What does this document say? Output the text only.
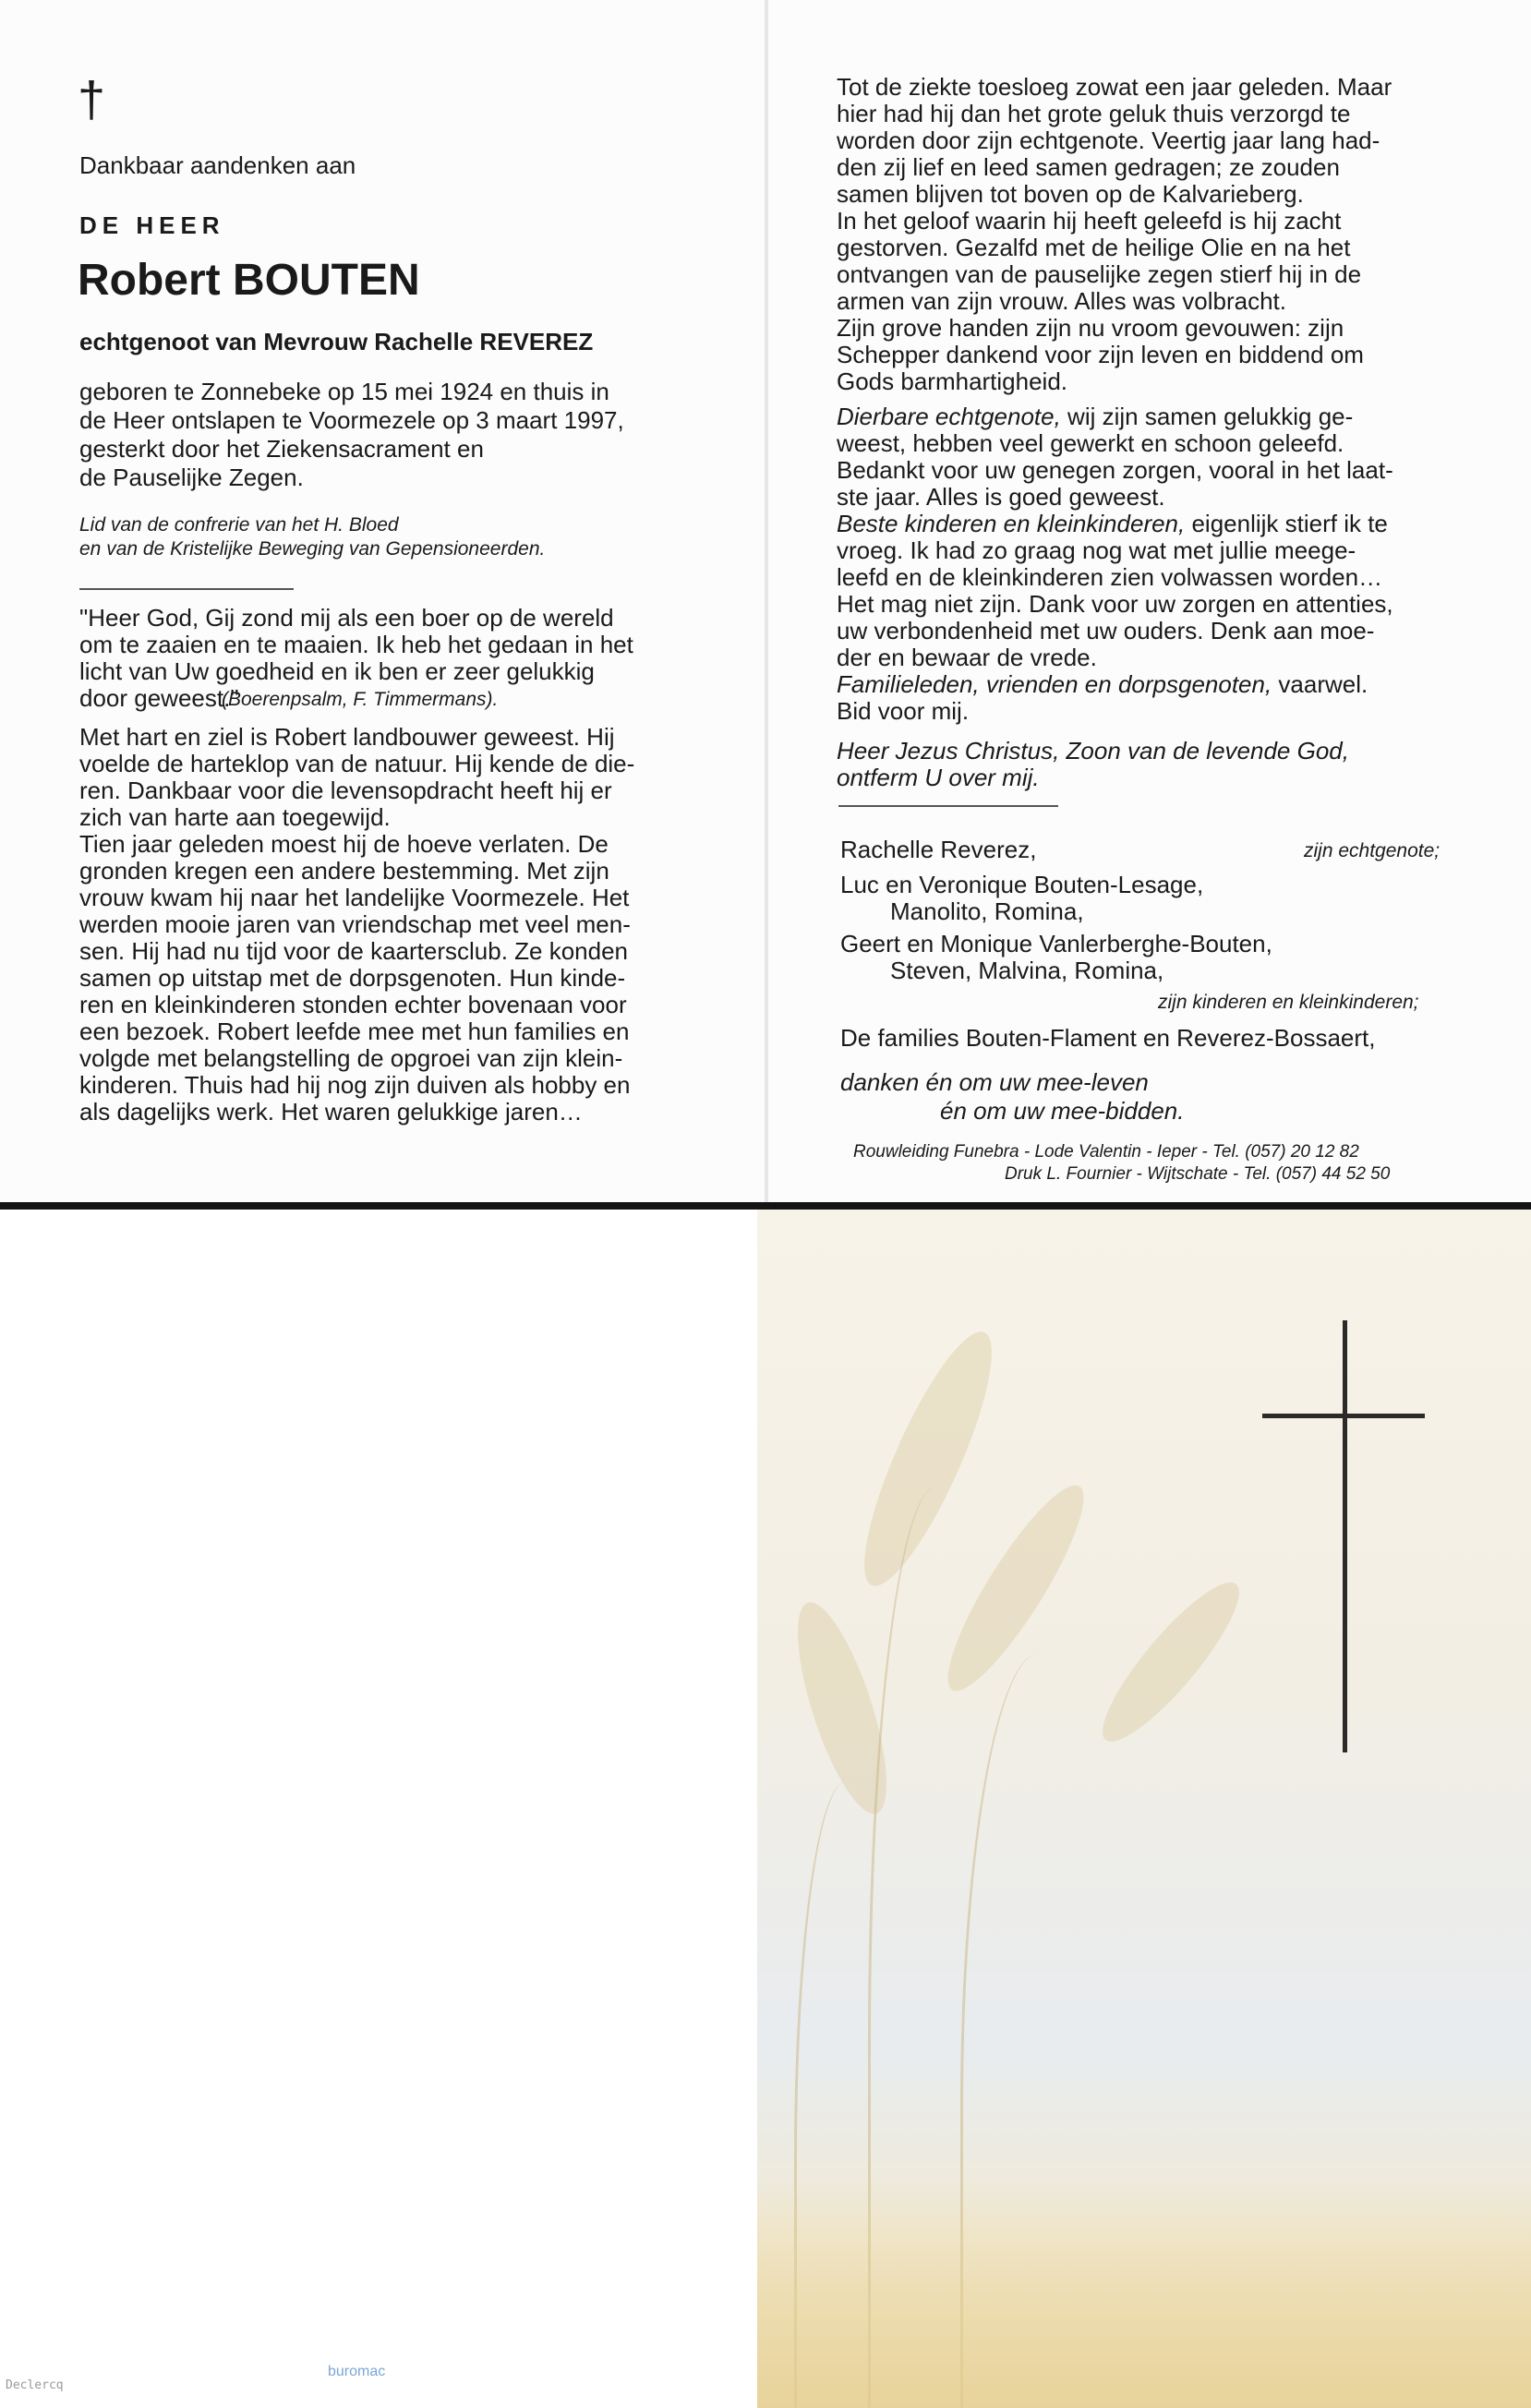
†
Dankbaar aandenken aan
DE HEER
Robert BOUTEN
echtgenoot van Mevrouw Rachelle REVEREZ
geboren te Zonnebeke op 15 mei 1924 en thuis in
de Heer ontslapen te Voormezele op 3 maart 1997,
gesterkt door het Ziekensacrament en
de Pauselijke Zegen.
Lid van de confrerie van het H. Bloed
en van de Kristelijke Beweging van Gepensioneerden.
"Heer God, Gij zond mij als een boer op de wereld
om te zaaien en te maaien. Ik heb het gedaan in het
licht van Uw goedheid en ik ben er zeer gelukkig
door geweest."
(Boerenpsalm, F. Timmermans).
Met hart en ziel is Robert landbouwer geweest. Hij
voelde de harteklop van de natuur. Hij kende de die-
ren. Dankbaar voor die levensopdracht heeft hij er
zich van harte aan toegewijd.
Tien jaar geleden moest hij de hoeve verlaten. De
gronden kregen een andere bestemming. Met zijn
vrouw kwam hij naar het landelijke Voormezele. Het
werden mooie jaren van vriendschap met veel men-
sen. Hij had nu tijd voor de kaartersclub. Ze konden
samen op uitstap met de dorpsgenoten. Hun kinde-
ren en kleinkinderen stonden echter bovenaan voor
een bezoek. Robert leefde mee met hun families en
volgde met belangstelling de opgroei van zijn klein-
kinderen. Thuis had hij nog zijn duiven als hobby en
als dagelijks werk. Het waren gelukkige jaren…
Tot de ziekte toesloeg zowat een jaar geleden. Maar
hier had hij dan het grote geluk thuis verzorgd te
worden door zijn echtgenote. Veertig jaar lang had-
den zij lief en leed samen gedragen; ze zouden
samen blijven tot boven op de Kalvarieberg.
In het geloof waarin hij heeft geleefd is hij zacht
gestorven. Gezalfd met de heilige Olie en na het
ontvangen van de pauselijke zegen stierf hij in de
armen van zijn vrouw. Alles was volbracht.
Zijn grove handen zijn nu vroom gevouwen: zijn
Schepper dankend voor zijn leven en biddend om
Gods barmhartigheid.
Dierbare echtgenote, wij zijn samen gelukkig ge-
weest, hebben veel gewerkt en schoon geleefd.
Bedankt voor uw genegen zorgen, vooral in het laat-
ste jaar. Alles is goed geweest.
Beste kinderen en kleinkinderen, eigenlijk stierf ik te
vroeg. Ik had zo graag nog wat met jullie meege-
leefd en de kleinkinderen zien volwassen worden…
Het mag niet zijn. Dank voor uw zorgen en attenties,
uw verbondenheid met uw ouders. Denk aan moe-
der en bewaar de vrede.
Familieleden, vrienden en dorpsgenoten, vaarwel.
Bid voor mij.
Heer Jezus Christus, Zoon van de levende God,
ontferm U over mij.
Rachelle Reverez,	zijn echtgenote;
Luc en Veronique Bouten-Lesage,
Manolito, Romina,
Geert en Monique Vanlerberghe-Bouten,
Steven, Malvina, Romina,
zijn kinderen en kleinkinderen;
De families Bouten-Flament en Reverez-Bossaert,
danken én om uw mee-leven
én om uw mee-bidden.
Rouwleiding Funebra - Lode Valentin - Ieper - Tel. (057) 20 12 82
Druk L. Fournier - Wijtschate - Tel. (057) 44 52 50
buromac
Declercq
